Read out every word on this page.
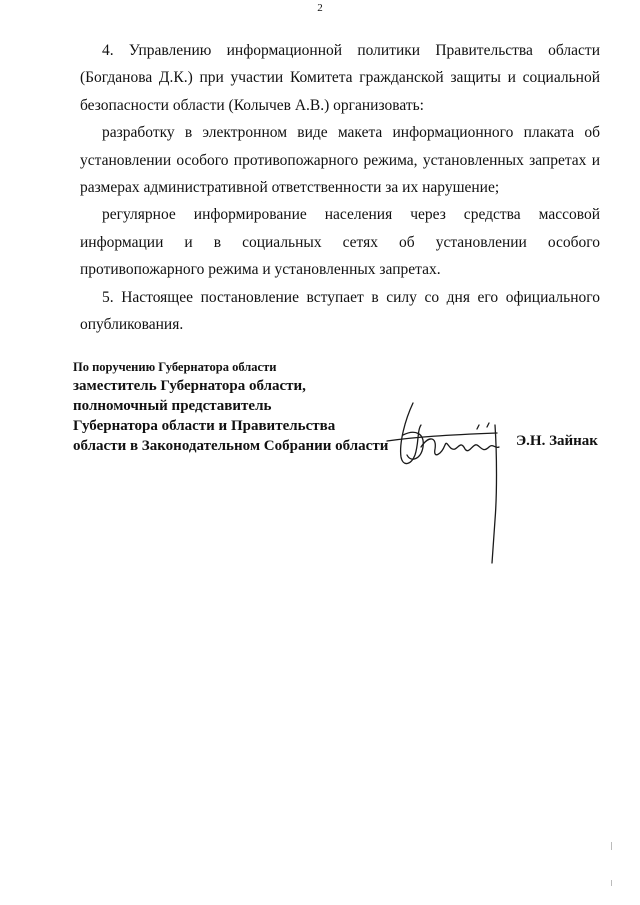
2

4. Управлению информационной политики Правительства области (Богданова Д.К.) при участии Комитета гражданской защиты и социальной безопасности области (Колычев А.В.) организовать:

разработку в электронном виде макета информационного плаката об установлении особого противопожарного режима, установленных запретах и размерах административной ответственности за их нарушение;

регулярное информирование населения через средства массовой информации и в социальных сетях об установлении особого противопожарного режима и установленных запретах.

5. Настоящее постановление вступает в силу со дня его официального опубликования.

По поручению Губернатора области
заместитель Губернатора области,
полномочный представитель
Губернатора области и Правительства
области в Законодательном Собрании области	Э.Н. Зайнак
